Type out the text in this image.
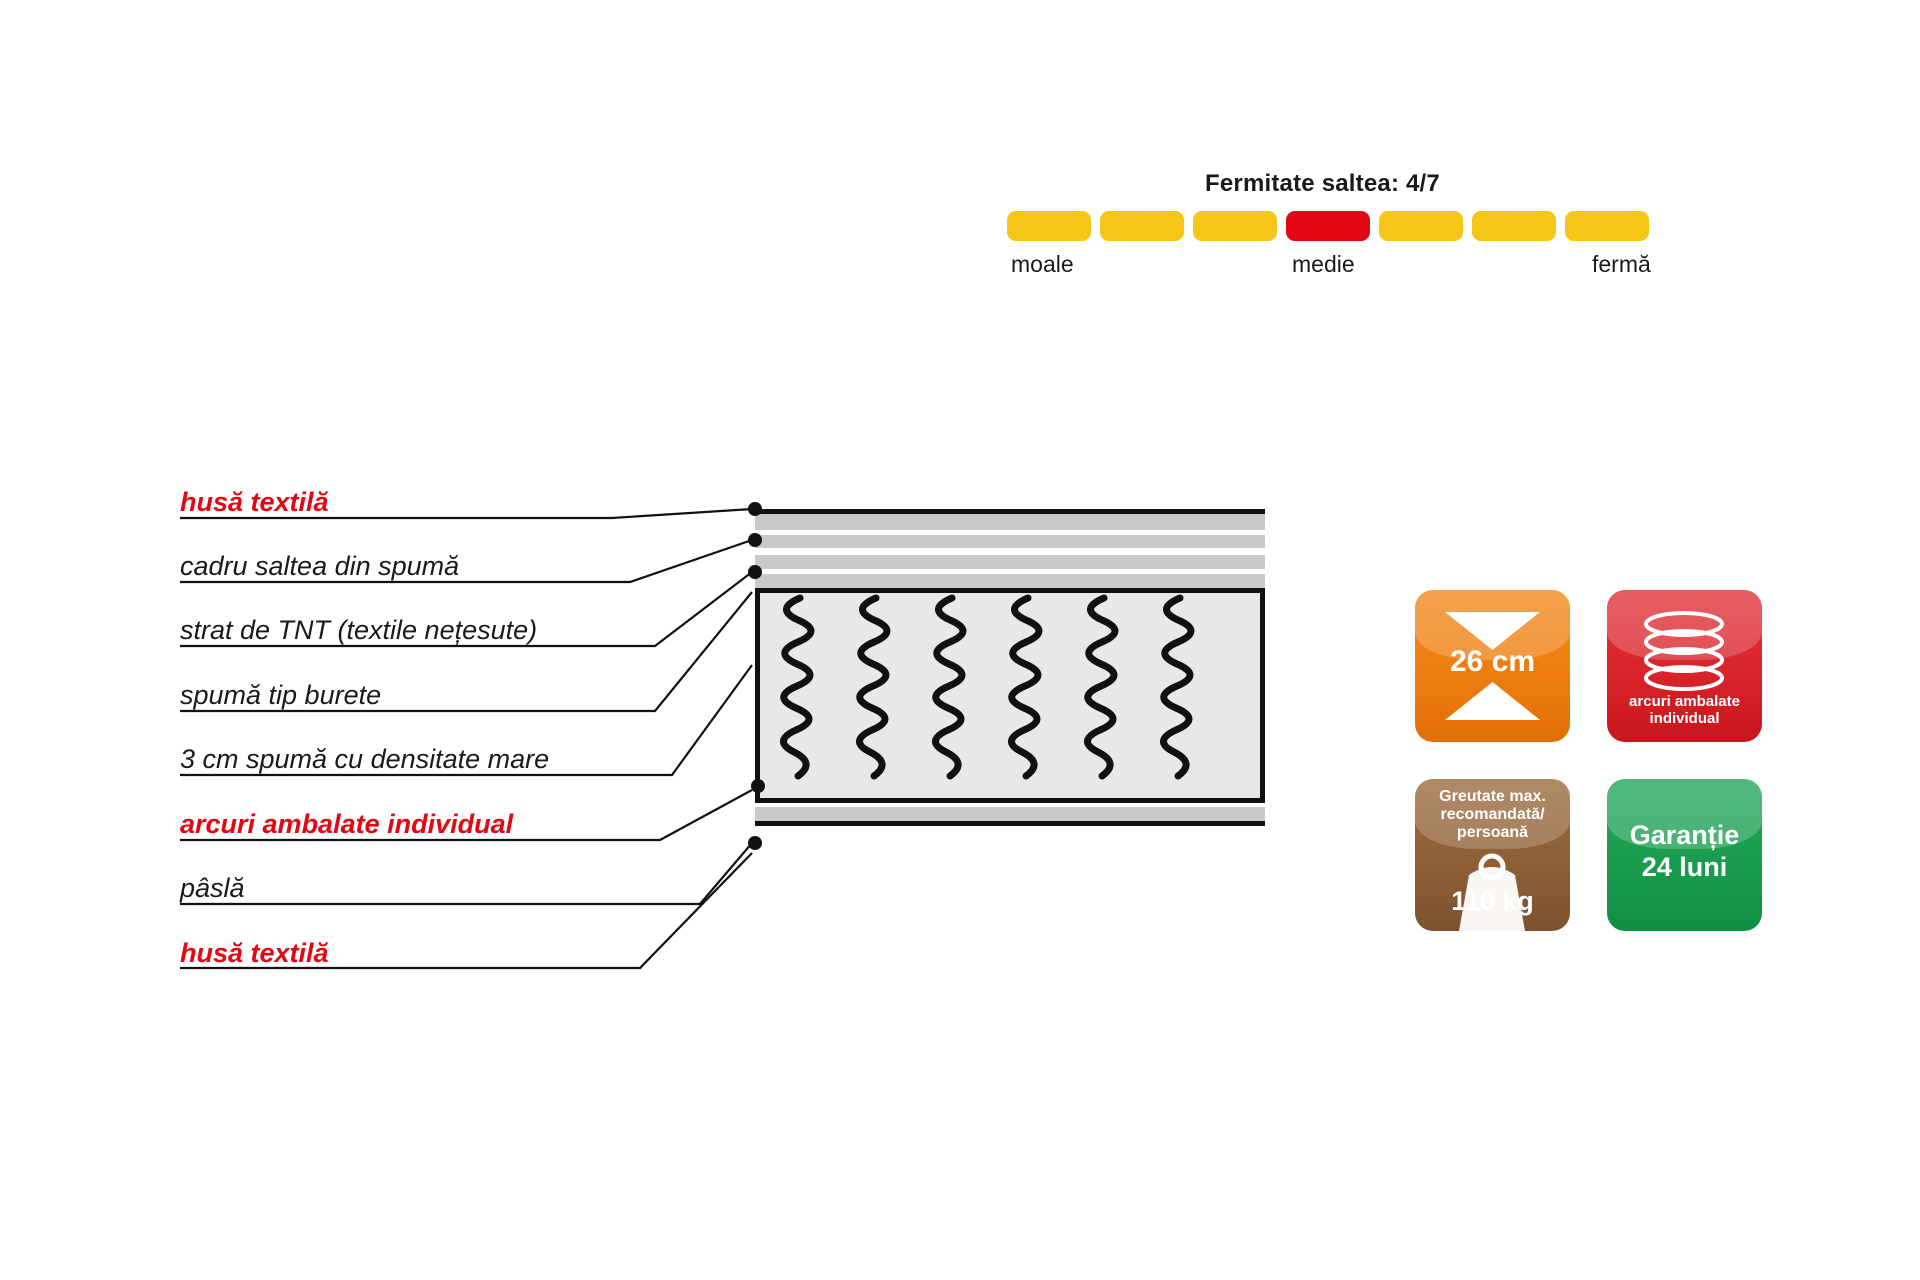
Fermitate saltea: 4/7
moale	medie	fermă
husă textilă
cadru saltea din spumă
strat de TNT (textile nețesute)
spumă tip burete
3 cm spumă cu densitate mare
arcuri ambalate individual
pâslă
husă textilă
26 cm
arcuri ambalate
individual
Greutate max.
recomandată/
persoană
110 kg
Garanție
24 luni
